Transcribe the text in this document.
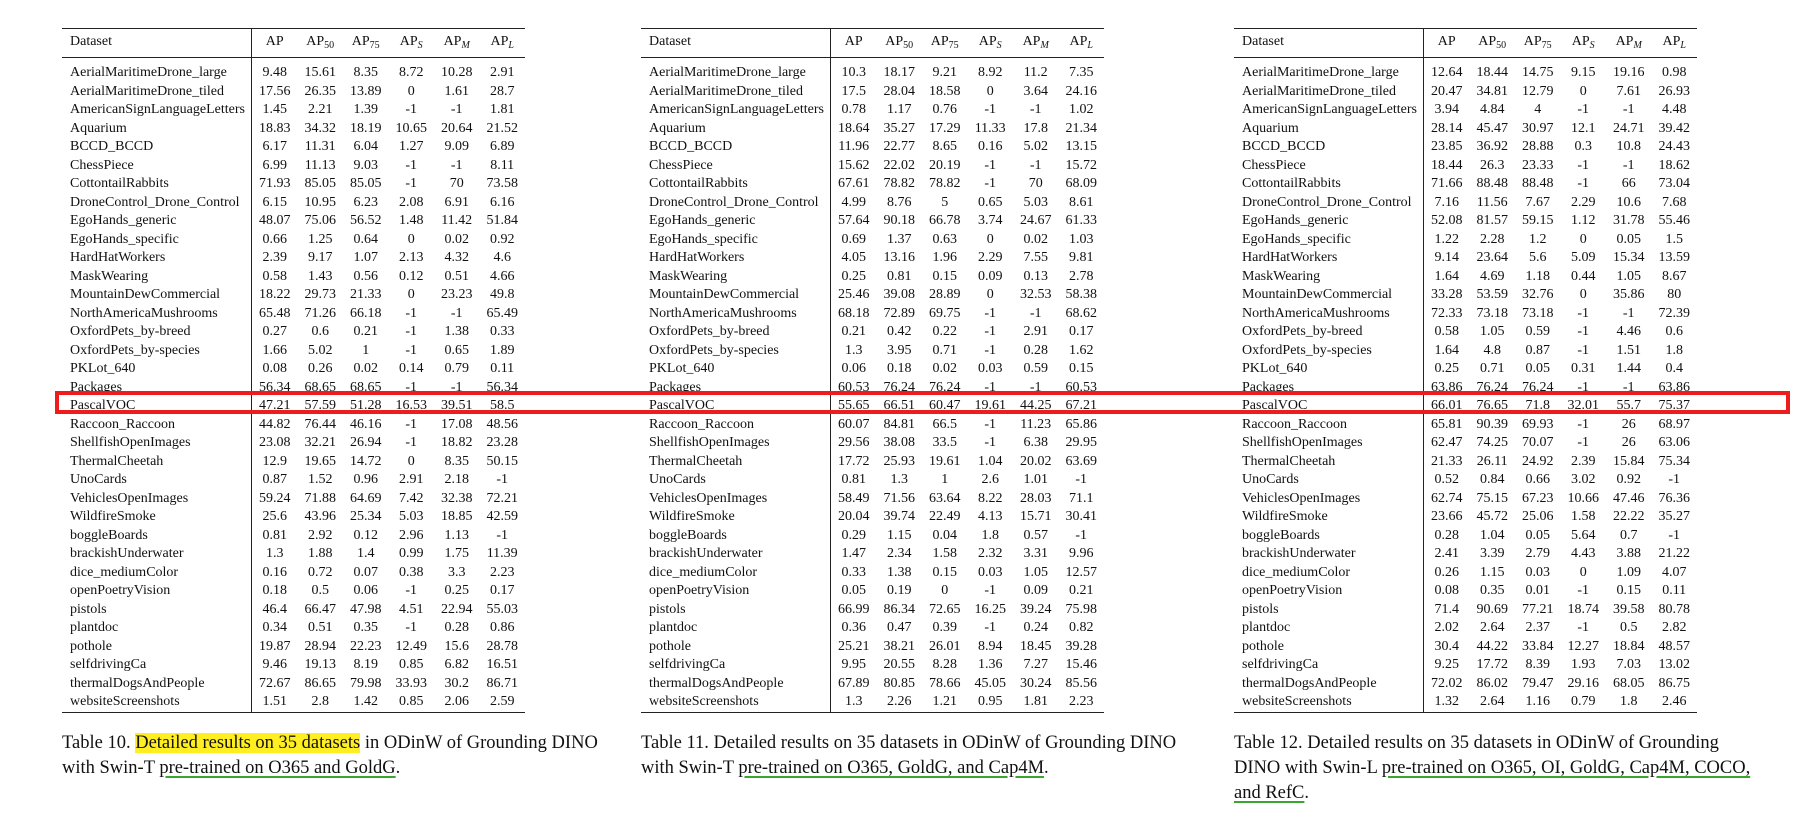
Dataset	AP	$AP_{50}$	$AP_{75}$	$AP_S$	$AP_M$	$AP_L$
AerialMaritimeDrone_large	9.48	15.61	8.35	8.72	10.28	2.91
AerialMaritimeDrone_tiled	17.56	26.35	13.89	0	1.61	28.7
AmericanSignLanguageLetters	1.45	2.21	1.39	-1	-1	1.81
Aquarium	18.83	34.32	18.19	10.65	20.64	21.52
BCCD_BCCD	6.17	11.31	6.04	1.27	9.09	6.89
ChessPiece	6.99	11.13	9.03	-1	-1	8.11
CottontailRabbits	71.93	85.05	85.05	-1	70	73.58
DroneControl_Drone_Control	6.15	10.95	6.23	2.08	6.91	6.16
EgoHands_generic	48.07	75.06	56.52	1.48	11.42	51.84
EgoHands_specific	0.66	1.25	0.64	0	0.02	0.92
HardHatWorkers	2.39	9.17	1.07	2.13	4.32	4.6
MaskWearing	0.58	1.43	0.56	0.12	0.51	4.66
MountainDewCommercial	18.22	29.73	21.33	0	23.23	49.8
NorthAmericaMushrooms	65.48	71.26	66.18	-1	-1	65.49
OxfordPets_by-breed	0.27	0.6	0.21	-1	1.38	0.33
OxfordPets_by-species	1.66	5.02	1	-1	0.65	1.89
PKLot_640	0.08	0.26	0.02	0.14	0.79	0.11
Packages	56.34	68.65	68.65	-1	-1	56.34
PascalVOC	47.21	57.59	51.28	16.53	39.51	58.5
Raccoon_Raccoon	44.82	76.44	46.16	-1	17.08	48.56
ShellfishOpenImages	23.08	32.21	26.94	-1	18.82	23.28
ThermalCheetah	12.9	19.65	14.72	0	8.35	50.15
UnoCards	0.87	1.52	0.96	2.91	2.18	-1
VehiclesOpenImages	59.24	71.88	64.69	7.42	32.38	72.21
WildfireSmoke	25.6	43.96	25.34	5.03	18.85	42.59
boggleBoards	0.81	2.92	0.12	2.96	1.13	-1
brackishUnderwater	1.3	1.88	1.4	0.99	1.75	11.39
dice_mediumColor	0.16	0.72	0.07	0.38	3.3	2.23
openPoetryVision	0.18	0.5	0.06	-1	0.25	0.17
pistols	46.4	66.47	47.98	4.51	22.94	55.03
plantdoc	0.34	0.51	0.35	-1	0.28	0.86
pothole	19.87	28.94	22.23	12.49	15.6	28.78
selfdrivingCa	9.46	19.13	8.19	0.85	6.82	16.51
thermalDogsAndPeople	72.67	86.65	79.98	33.93	30.2	86.71
websiteScreenshots	1.51	2.8	1.42	0.85	2.06	2.59
Dataset	AP	$AP_{50}$	$AP_{75}$	$AP_S$	$AP_M$	$AP_L$
AerialMaritimeDrone_large	10.3	18.17	9.21	8.92	11.2	7.35
AerialMaritimeDrone_tiled	17.5	28.04	18.58	0	3.64	24.16
AmericanSignLanguageLetters	0.78	1.17	0.76	-1	-1	1.02
Aquarium	18.64	35.27	17.29	11.33	17.8	21.34
BCCD_BCCD	11.96	22.77	8.65	0.16	5.02	13.15
ChessPiece	15.62	22.02	20.19	-1	-1	15.72
CottontailRabbits	67.61	78.82	78.82	-1	70	68.09
DroneControl_Drone_Control	4.99	8.76	5	0.65	5.03	8.61
EgoHands_generic	57.64	90.18	66.78	3.74	24.67	61.33
EgoHands_specific	0.69	1.37	0.63	0	0.02	1.03
HardHatWorkers	4.05	13.16	1.96	2.29	7.55	9.81
MaskWearing	0.25	0.81	0.15	0.09	0.13	2.78
MountainDewCommercial	25.46	39.08	28.89	0	32.53	58.38
NorthAmericaMushrooms	68.18	72.89	69.75	-1	-1	68.62
OxfordPets_by-breed	0.21	0.42	0.22	-1	2.91	0.17
OxfordPets_by-species	1.3	3.95	0.71	-1	0.28	1.62
PKLot_640	0.06	0.18	0.02	0.03	0.59	0.15
Packages	60.53	76.24	76.24	-1	-1	60.53
PascalVOC	55.65	66.51	60.47	19.61	44.25	67.21
Raccoon_Raccoon	60.07	84.81	66.5	-1	11.23	65.86
ShellfishOpenImages	29.56	38.08	33.5	-1	6.38	29.95
ThermalCheetah	17.72	25.93	19.61	1.04	20.02	63.69
UnoCards	0.81	1.3	1	2.6	1.01	-1
VehiclesOpenImages	58.49	71.56	63.64	8.22	28.03	71.1
WildfireSmoke	20.04	39.74	22.49	4.13	15.71	30.41
boggleBoards	0.29	1.15	0.04	1.8	0.57	-1
brackishUnderwater	1.47	2.34	1.58	2.32	3.31	9.96
dice_mediumColor	0.33	1.38	0.15	0.03	1.05	12.57
openPoetryVision	0.05	0.19	0	-1	0.09	0.21
pistols	66.99	86.34	72.65	16.25	39.24	75.98
plantdoc	0.36	0.47	0.39	-1	0.24	0.82
pothole	25.21	38.21	26.01	8.94	18.45	39.28
selfdrivingCa	9.95	20.55	8.28	1.36	7.27	15.46
thermalDogsAndPeople	67.89	80.85	78.66	45.05	30.24	85.56
websiteScreenshots	1.3	2.26	1.21	0.95	1.81	2.23
Dataset	AP	$AP_{50}$	$AP_{75}$	$AP_S$	$AP_M$	$AP_L$
AerialMaritimeDrone_large	12.64	18.44	14.75	9.15	19.16	0.98
AerialMaritimeDrone_tiled	20.47	34.81	12.79	0	7.61	26.93
AmericanSignLanguageLetters	3.94	4.84	4	-1	-1	4.48
Aquarium	28.14	45.47	30.97	12.1	24.71	39.42
BCCD_BCCD	23.85	36.92	28.88	0.3	10.8	24.43
ChessPiece	18.44	26.3	23.33	-1	-1	18.62
CottontailRabbits	71.66	88.48	88.48	-1	66	73.04
DroneControl_Drone_Control	7.16	11.56	7.67	2.29	10.6	7.68
EgoHands_generic	52.08	81.57	59.15	1.12	31.78	55.46
EgoHands_specific	1.22	2.28	1.2	0	0.05	1.5
HardHatWorkers	9.14	23.64	5.6	5.09	15.34	13.59
MaskWearing	1.64	4.69	1.18	0.44	1.05	8.67
MountainDewCommercial	33.28	53.59	32.76	0	35.86	80
NorthAmericaMushrooms	72.33	73.18	73.18	-1	-1	72.39
OxfordPets_by-breed	0.58	1.05	0.59	-1	4.46	0.6
OxfordPets_by-species	1.64	4.8	0.87	-1	1.51	1.8
PKLot_640	0.25	0.71	0.05	0.31	1.44	0.4
Packages	63.86	76.24	76.24	-1	-1	63.86
PascalVOC	66.01	76.65	71.8	32.01	55.7	75.37
Raccoon_Raccoon	65.81	90.39	69.93	-1	26	68.97
ShellfishOpenImages	62.47	74.25	70.07	-1	26	63.06
ThermalCheetah	21.33	26.11	24.92	2.39	15.84	75.34
UnoCards	0.52	0.84	0.66	3.02	0.92	-1
VehiclesOpenImages	62.74	75.15	67.23	10.66	47.46	76.36
WildfireSmoke	23.66	45.72	25.06	1.58	22.22	35.27
boggleBoards	0.28	1.04	0.05	5.64	0.7	-1
brackishUnderwater	2.41	3.39	2.79	4.43	3.88	21.22
dice_mediumColor	0.26	1.15	0.03	0	1.09	4.07
openPoetryVision	0.08	0.35	0.01	-1	0.15	0.11
pistols	71.4	90.69	77.21	18.74	39.58	80.78
plantdoc	2.02	2.64	2.37	-1	0.5	2.82
pothole	30.4	44.22	33.84	12.27	18.84	48.57
selfdrivingCa	9.25	17.72	8.39	1.93	7.03	13.02
thermalDogsAndPeople	72.02	86.02	79.47	29.16	68.05	86.75
websiteScreenshots	1.32	2.64	1.16	0.79	1.8	2.46
Table 10. Detailed results on 35 datasets in ODinW of Grounding DINO with Swin-T pre-trained on O365 and GoldG.
Table 11. Detailed results on 35 datasets in ODinW of Grounding DINO with Swin-T pre-trained on O365, GoldG, and Cap4M.
Table 12. Detailed results on 35 datasets in ODinW of Grounding DINO with Swin-L pre-trained on O365, OI, GoldG, Cap4M, COCO, and RefC.
